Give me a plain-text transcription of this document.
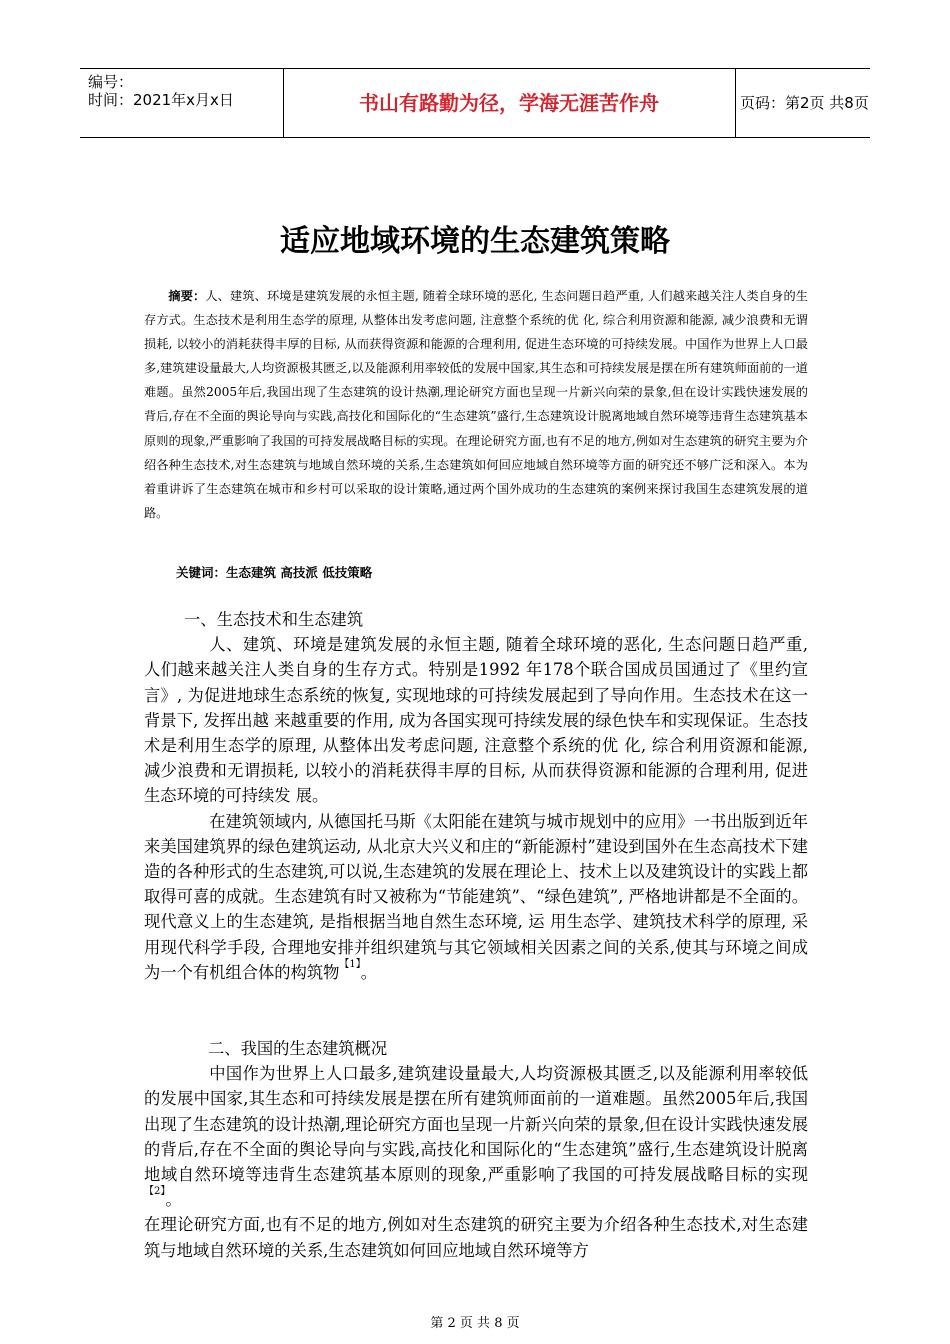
编号：
时间：2021年x月x日	书山有路勤为径，学海无涯苦作舟	页码：第2页 共8页
适应地域环境的生态建筑策略
摘要：人、建筑、环境是建筑发展的永恒主题, 随着全球环境的恶化, 生态问题日趋严重, 人们越来越关注人类自身的生存方式。生态技术是利用生态学的原理, 从整体出发考虑问题, 注意整个系统的优 化, 综合利用资源和能源, 减少浪费和无谓损耗, 以较小的消耗获得丰厚的目标, 从而获得资源和能源的合理利用, 促进生态环境的可持续发展。中国作为世界上人口最多,建筑建设量最大,人均资源极其匮乏,以及能源利用率较低的发展中国家,其生态和可持续发展是摆在所有建筑师面前的一道难题。虽然2005年后,我国出现了生态建筑的设计热潮,理论研究方面也呈现一片新兴向荣的景象,但在设计实践快速发展的背后,存在不全面的舆论导向与实践,高技化和国际化的“生态建筑”盛行,生态建筑设计脱离地域自然环境等违背生态建筑基本原则的现象,严重影响了我国的可持发展战略目标的实现。在理论研究方面,也有不足的地方,例如对生态建筑的研究主要为介绍各种生态技术,对生态建筑与地域自然环境的关系,生态建筑如何回应地域自然环境等方面的研究还不够广泛和深入。本为着重讲诉了生态建筑在城市和乡村可以采取的设计策略,通过两个国外成功的生态建筑的案例来探讨我国生态建筑发展的道路。
关键词：生态建筑 高技派 低技策略
一、生态技术和生态建筑

人、建筑、环境是建筑发展的永恒主题, 随着全球环境的恶化, 生态问题日趋严重, 人们越来越关注人类自身的生存方式。特别是1992 年178个联合国成员国通过了《里约宣言》, 为促进地球生态系统的恢复, 实现地球的可持续发展起到了导向作用。生态技术在这一背景下, 发挥出越 来越重要的作用, 成为各国实现可持续发展的绿色快车和实现保证。生态技术是利用生态学的原理, 从整体出发考虑问题, 注意整个系统的优 化, 综合利用资源和能源, 减少浪费和无谓损耗, 以较小的消耗获得丰厚的目标, 从而获得资源和能源的合理利用, 促进生态环境的可持续发 展。

在建筑领域内, 从德国托马斯《太阳能在建筑与城市规划中的应用》一书出版到近年来美国建筑界的绿色建筑运动, 从北京大兴义和庄的“新能源村”建设到国外在生态高技术下建造的各种形式的生态建筑,可以说,生态建筑的发展在理论上、技术上以及建筑设计的实践上都取得可喜的成就。生态建筑有时又被称为“节能建筑”、“绿色建筑”, 严格地讲都是不全面的。现代意义上的生态建筑, 是指根据当地自然生态环境, 运 用生态学、建筑技术科学的原理, 采用现代科学手段, 合理地安排并组织建筑与其它领域相关因素之间的关系,使其与环境之间成为一个有机组合体的构筑物$^{【1】}$。

二、我国的生态建筑概况

中国作为世界上人口最多,建筑建设量最大,人均资源极其匮乏,以及能源利用率较低的发展中国家,其生态和可持续发展是摆在所有建筑师面前的一道难题。虽然2005年后,我国出现了生态建筑的设计热潮,理论研究方面也呈现一片新兴向荣的景象,但在设计实践快速发展的背后,存在不全面的舆论导向与实践,高技化和国际化的“生态建筑”盛行,生态建筑设计脱离地域自然环境等违背生态建筑基本原则的现象,严重影响了我国的可持发展战略目标的实现$^{【2】}$。

在理论研究方面,也有不足的地方,例如对生态建筑的研究主要为介绍各种生态技术,对生态建筑与地域自然环境的关系,生态建筑如何回应地域自然环境等方

第 2 页 共 8 页
